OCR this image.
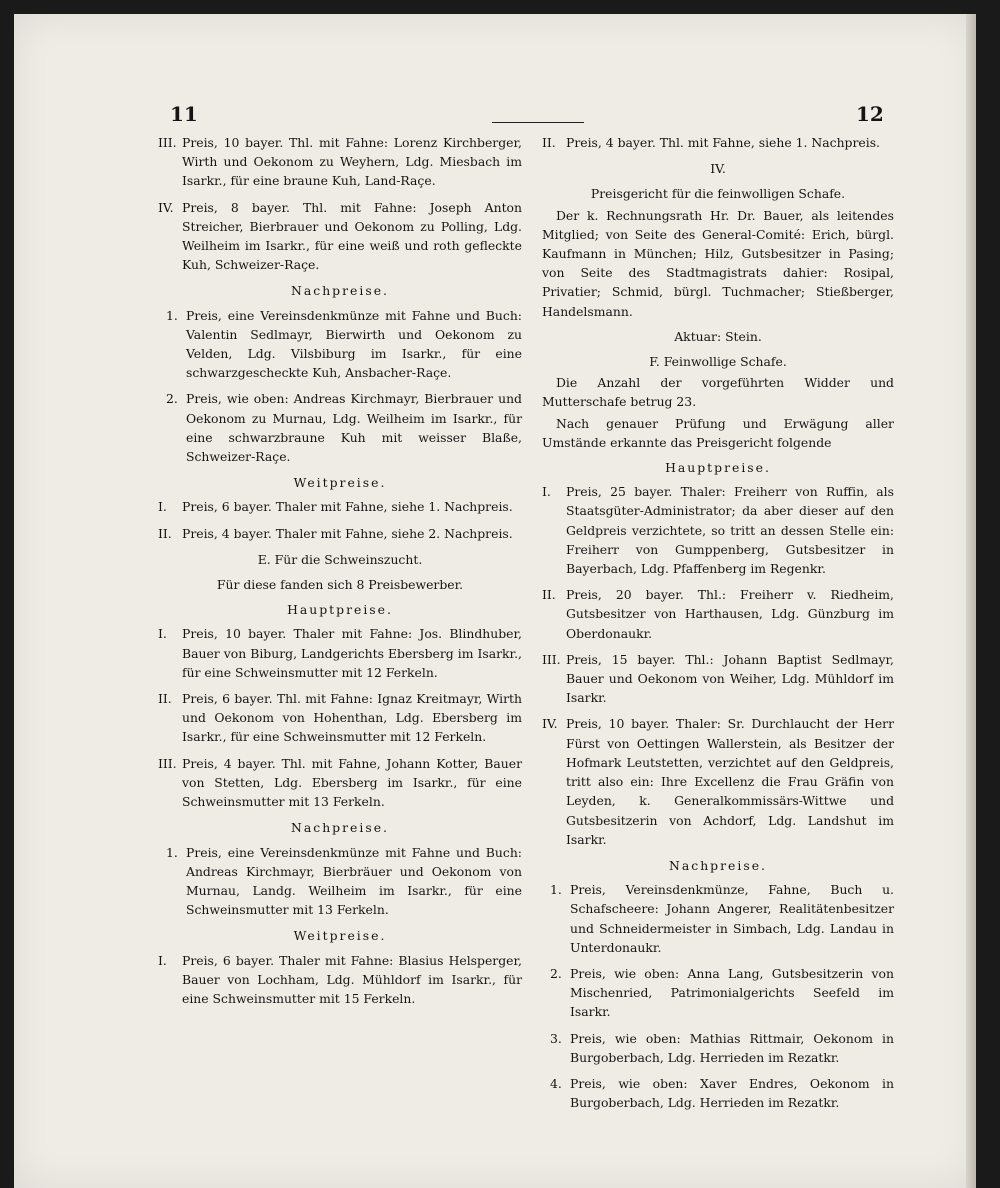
11	12
III. Preis, 10 bayer. Thl. mit Fahne: Lorenz Kirchberger, Wirth und Oekonom zu Weyhern, Ldg. Miesbach im Isarkr., für eine braune Kuh, Land-Raçe.
IV. Preis, 8 bayer. Thl. mit Fahne: Joseph Anton Streicher, Bierbrauer und Oekonom zu Polling, Ldg. Weilheim im Isarkr., für eine weiß und roth gefleckte Kuh, Schweizer-Raçe.
Nachpreise.
1. Preis, eine Vereinsdenkmünze mit Fahne und Buch: Valentin Sedlmayr, Bierwirth und Oekonom zu Velden, Ldg. Vilsbiburg im Isarkr., für eine schwarzgescheckte Kuh, Ansbacher-Raçe.
2. Preis, wie oben: Andreas Kirchmayr, Bierbrauer und Oekonom zu Murnau, Ldg. Weilheim im Isarkr., für eine schwarzbraune Kuh mit weisser Blaße, Schweizer-Raçe.
Weitpreise.
I.	Preis, 6 bayer. Thaler mit Fahne, siehe 1. Nachpreis.
II. Preis, 4 bayer. Thaler mit Fahne, siehe 2. Nachpreis.
E. Für die Schweinszucht.
Für diese fanden sich 8 Preisbewerber.
Hauptpreise.
I.	Preis, 10 bayer. Thaler mit Fahne: Jos. Blindhuber, Bauer von Biburg, Landgerichts Ebersberg im Isarkr., für eine Schweinsmutter mit 12 Ferkeln.
II. Preis, 6 bayer. Thl. mit Fahne: Ignaz Kreitmayr, Wirth und Oekonom von Hohenthan, Ldg. Ebersberg im Isarkr., für eine Schweinsmutter mit 12 Ferkeln.
III. Preis, 4 bayer. Thl. mit Fahne, Johann Kotter, Bauer von Stetten, Ldg. Ebersberg im Isarkr., für eine Schweinsmutter mit 13 Ferkeln.
Nachpreise.
1. Preis, eine Vereinsdenkmünze mit Fahne und Buch: Andreas Kirchmayr, Bierbräuer und Oekonom von Murnau, Landg. Weilheim im Isarkr., für eine Schweinsmutter mit 13 Ferkeln.
Weitpreise.
I.	Preis, 6 bayer. Thaler mit Fahne: Blasius Helsperger, Bauer von Lochham, Ldg. Mühldorf im Isarkr., für eine Schweinsmutter mit 15 Ferkeln.
II. Preis, 4 bayer. Thl. mit Fahne, siehe 1. Nachpreis.
IV.
Preisgericht für die feinwolligen Schafe.
Der k. Rechnungsrath Hr. Dr. Bauer, als leitendes Mitglied; von Seite des General-Comité: Erich, bürgl. Kaufmann in München; Hilz, Gutsbesitzer in Pasing; von Seite des Stadtmagistrats dahier: Rosipal, Privatier; Schmid, bürgl. Tuchmacher; Stießberger, Handelsmann.
Aktuar: Stein.
F. Feinwollige Schafe.
Die Anzahl der vorgeführten Widder und Mutterschafe betrug 23.
Nach genauer Prüfung und Erwägung aller Umstände erkannte das Preisgericht folgende
Hauptpreise.
I.	Preis, 25 bayer. Thaler: Freiherr von Ruffin, als Staatsgüter-Administrator; da aber dieser auf den Geldpreis verzichtete, so tritt an dessen Stelle ein: Freiherr von Gumppenberg, Gutsbesitzer in Bayerbach, Ldg. Pfaffenberg im Regenkr.
II. Preis, 20 bayer. Thl.: Freiherr v. Riedheim, Gutsbesitzer von Harthausen, Ldg. Günzburg im Oberdonaukr.
III. Preis, 15 bayer. Thl.: Johann Baptist Sedlmayr, Bauer und Oekonom von Weiher, Ldg. Mühldorf im Isarkr.
IV. Preis, 10 bayer. Thaler: Sr. Durchlaucht der Herr Fürst von Oettingen Wallerstein, als Besitzer der Hofmark Leutstetten, verzichtet auf den Geldpreis, tritt also ein: Ihre Excellenz die Frau Gräfin von Leyden, k. Generalkommissärs-Wittwe und Gutsbesitzerin von Achdorf, Ldg. Landshut im Isarkr.
Nachpreise.
1. Preis, Vereinsdenkmünze, Fahne, Buch u. Schafscheere: Johann Angerer, Realitätenbesitzer und Schneidermeister in Simbach, Ldg. Landau in Unterdonaukr.
2. Preis, wie oben: Anna Lang, Gutsbesitzerin von Mischenried, Patrimonialgerichts Seefeld im Isarkr.
3. Preis, wie oben: Mathias Rittmair, Oekonom in Burgoberbach, Ldg. Herrieden im Rezatkr.
4. Preis, wie oben: Xaver Endres, Oekonom in Burgoberbach, Ldg. Herrieden im Rezatkr.
